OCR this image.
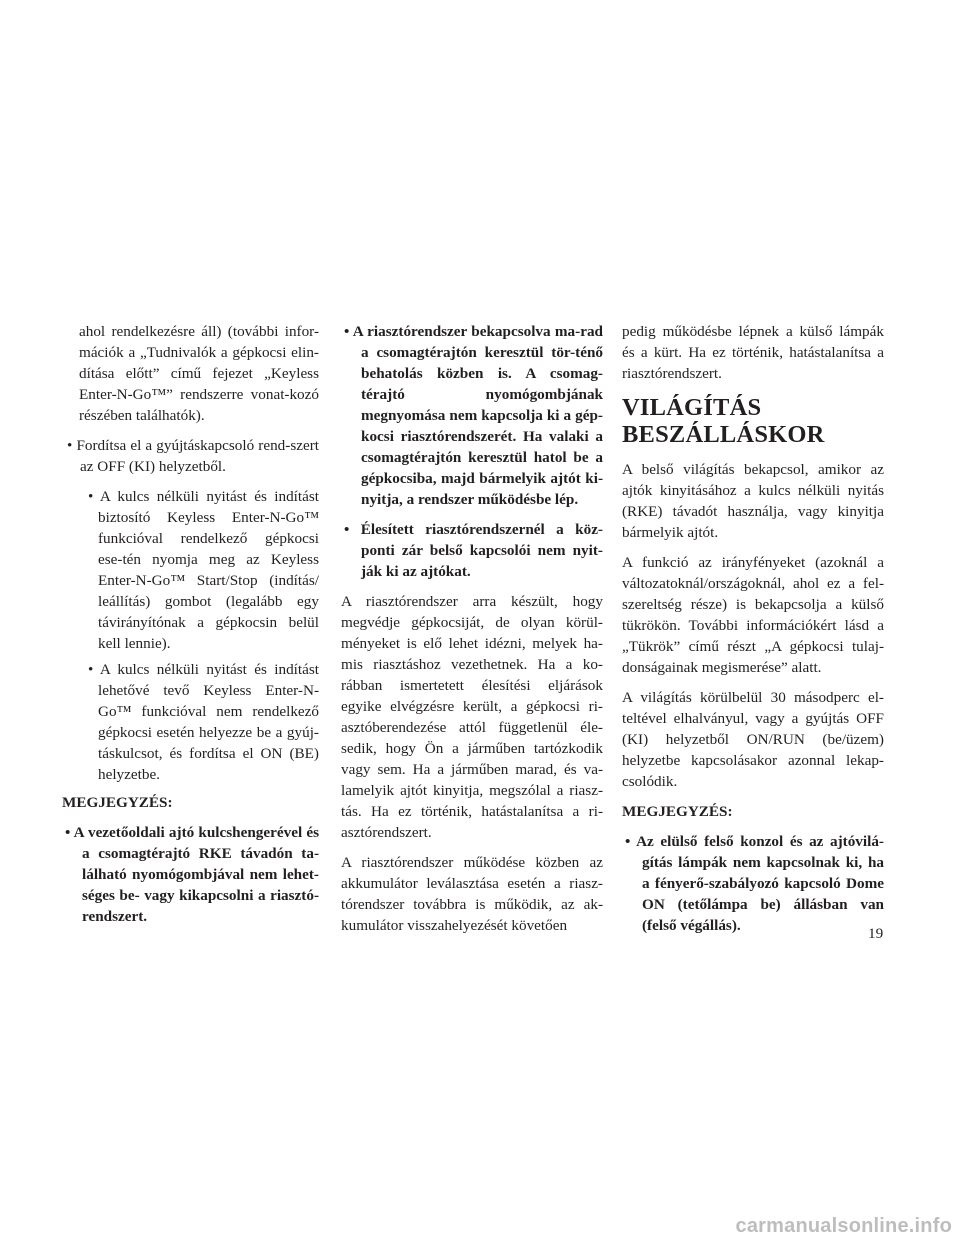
ahol rendelkezésre áll) (további infor-mációk a „Tudnivalók a gépkocsi elin-dítása előtt” című fejezet „Keyless Enter-N-Go™” rendszerre vonat-kozó részében találhatók).

• Fordítsa el a gyújtáskapcsoló rend-szert az OFF (KI) helyzetből.

• A kulcs nélküli nyitást és indítást biztosító Keyless Enter-N-Go™ funkcióval rendelkező gépkocsi ese-tén nyomja meg az Keyless Enter-N-Go™ Start/Stop (indítás/ leállítás) gombot (legalább egy távirányítónak a gépkocsin belül kell lennie).

• A kulcs nélküli nyitást és indítást lehetővé tevő Keyless Enter-N-Go™ funkcióval nem rendelkező gépkocsi esetén helyezze be a gyúj-táskulcsot, és fordítsa el ON (BE) helyzetbe.

MEGJEGYZÉS:

• A vezetőoldali ajtó kulcshengerével és a csomagtérajtó RKE távadón ta-lálható nyomógombjával nem lehet-séges be- vagy kikapcsolni a riasztó-rendszert.

• A riasztórendszer bekapcsolva ma-rad a csomagtérajtón keresztül tör-ténő behatolás közben is. A csomag-térajtó nyomógombjának megnyomása nem kapcsolja ki a gép-kocsi riasztórendszerét. Ha valaki a csomagtérajtón keresztül hatol be a gépkocsiba, majd bármelyik ajtót ki-nyitja, a rendszer működésbe lép.

• Élesített riasztórendszernél a köz-ponti zár belső kapcsolói nem nyit-ják ki az ajtókat.

A riasztórendszer arra készült, hogy megvédje gépkocsiját, de olyan körül-ményeket is elő lehet idézni, melyek ha-mis riasztáshoz vezethetnek. Ha a ko-rábban ismertetett élesítési eljárások egyike elvégzésre került, a gépkocsi ri-asztóberendezése attól függetlenül éle-sedik, hogy Ön a járműben tartózkodik vagy sem. Ha a járműben marad, és va-lamelyik ajtót kinyitja, megszólal a riasz-tás. Ha ez történik, hatástalanítsa a ri-asztórendszert.

A riasztórendszer működése közben az akkumulátor leválasztása esetén a riasz-tórendszer továbbra is működik, az ak-kumulátor visszahelyezését követően

pedig működésbe lépnek a külső lámpák és a kürt. Ha ez történik, hatástalanítsa a riasztórendszert.

VILÁGÍTÁS
BESZÁLLÁSKOR

A belső világítás bekapcsol, amikor az ajtók kinyitásához a kulcs nélküli nyitás (RKE) távadót használja, vagy kinyitja bármelyik ajtót.

A funkció az irányfényeket (azoknál a változatoknál/országoknál, ahol ez a fel-szereltség része) is bekapcsolja a külső tükrökön. További információkért lásd a „Tükrök” című részt „A gépkocsi tulaj-donságainak megismerése” alatt.

A világítás körülbelül 30 másodperc el-teltével elhalványul, vagy a gyújtás OFF (KI) helyzetből ON/RUN (be/üzem) helyzetbe kapcsolásakor azonnal lekap-csolódik.

MEGJEGYZÉS:

• Az elülső felső konzol és az ajtóvilá-gítás lámpák nem kapcsolnak ki, ha a fényerő-szabályozó kapcsoló Dome ON (tetőlámpa be) állásban van (felső végállás).	19
carmanualsonline.info
